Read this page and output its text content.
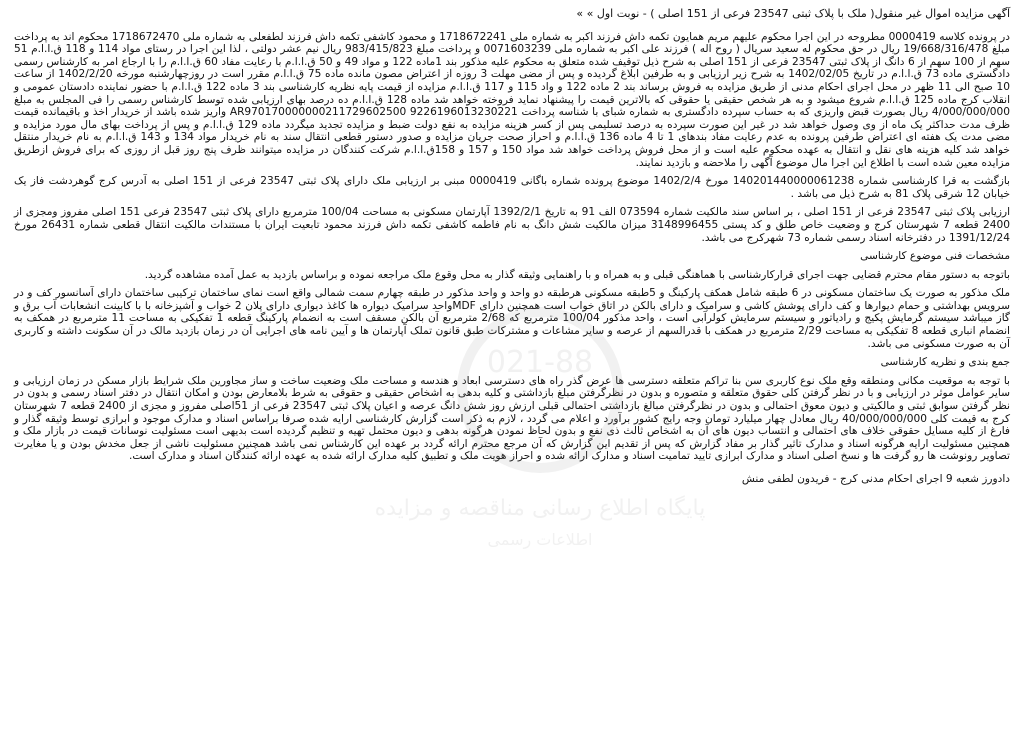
آگهی مزایده اموال غیر منقول( ملک با پلاک ثبتی 23547 فرعی از 151 اصلی ) - نوبت اول » »
در پرونده کلاسه 0000419 مطروحه در این اجرا محکوم علیهم مریم همایون تکمه داش فرزند اکبر به شماره ملی 1718672241 و محمود کاشفی تکمه داش فرزند لطفعلی به شماره ملی 1718672470 محکوم اند به پرداخت مبلغ 19/668/316/478 ریال در حق محکوم له سعید سریال ( روح اله ) فرزند علی اکبر به شماره ملی 0071603239 و پرداخت مبلغ 983/415/823 ریال نیم عشر دولتی ، لذا این اجرا در رستای مواد 114 و 118 ق.ا.ا.م 51 سهم از 100 سهم از 6 دانگ از پلاک ثبتی 23547 فرعی از 151 اصلی به شرح ذیل توقیف شده متعلق به محکوم علیه مذکور بند 1ماده 122 و مواد 49 و 50 ق.ا.ا.م با رعایت مفاد 60 ق.ا.ا.م را با ارجاع امر به کارشناس رسمی دادگستری ماده 73 ق.ا.ا.م در تاریخ 1402/02/05 به شرح زیر ارزیابی و به طرفین ابلاغ گردیده و پس از مضی مهلت 3 روزه از اعتراض مصون مانده ماده 75 ق.ا.ا.م مقرر است در روزچهارشنبه مورخه 1402/2/20 از ساعت 10 صبح الی 11 ظهر در محل اجرای احکام مدنی از طریق مزایده به فروش برساند بند 2 ماده 122 و واد 115 و 117 ق.ا.ا.م مزایده از قیمت پایه نظریه کارشناسی بند 3 ماده 122 ق.ا.ا.م با حضور نماینده دادستان عمومی و انقلاب کرج ماده 125 ق.ا.ا.م شروع میشود و به هر شخص حقیقی یا حقوقی که بالاترین قیمت را پیشنهاد نماید فروخته خواهد شد ماده 128 ق.ا.ا.م ده درصد بهای ارزیابی شده توسط کارشناس رسمی را فی المجلس به مبلغ 4/000/000/000 ریال بصورت قبض واریزی که به حساب سپرده دادگستری به شماره شبای با شناسه پرداخت 9226196013230221 AR970170000000211729602500 واریز شده باشد از خریدار اخذ و باقیمانده قیمت ظرف مدت حداکثر یک ماه از وی وصول خواهد شد در غیر این صورت سپرده به درصد تسلیمی پس از کسر هزینه مزایده به نفع دولت ضبط و مزایده تجدید میگردد ماده 129 ق.ا.ا.م و پس از پرداخت بهای مال مورد مزایده و مضی مدت یک هفته ای اعتراض طرفین پرونده به عدم رعایت مفاد بندهای 1 تا 4 ماده 136 ق.ا.ا.م و احراز صحت جریان مزایده و صدور دستور قطعی انتقال سند به نام خریدار مواد 134 و 143 ق.ا.ا.م به نام خریدار منتقل خواهد شد کلیه هزینه های نقل و انتقال به عهده محکوم علیه است و از محل فروش پرداخت خواهد شد مواد 150 و 157 و 158ق.ا.ا.م شرکت کنندگان در مزایده میتوانند ظرف پنج روز قبل از روزی که برای فروش ازطریق مزایده معین شده است با اطلاع این اجرا مال موضوع آگهی را ملاحضه و بازدید نمایند.
بازگشت به قرا کارشناسی شماره 140201440000061238 مورخ 1402/2/4 موضوع پرونده شماره باگانی 0000419 مبنی بر ارزیابی ملک دارای پلاک ثبتی 23547 فرعی از 151 اصلی به آدرس کرج گوهردشت فاز یک خیابان 12 شرقی پلاک 81 به شرح ذیل می باشد .
ارزیابی پلاک ثبتی 23547 فرعی از 151 اصلی ، بر اساس سند مالکیت شماره 073594 الف 91 به تاریخ 1392/2/1 آپارتمان مسکونی به مساحت 100/04 مترمربع دارای پلاک ثبتی 23547 فرعی 151 اصلی مفروز ومجزی از 2400 قطعه 7 شهرستان کرج و وضعیت خاص طلق و کد پستی 3148996455 میزان مالکیت شش دانگ به نام فاطمه کاشفی تکمه داش فرزند محمود تابعیت ایران با مستندات مالکیت انتقال قطعی شماره 26431 مورخ 1391/12/24 در دفترخانه اسناد رسمی شماره 73 شهرکرج می باشد.
مشخصات فنی موضوع کارشناسی
باتوجه به دستور مقام محترم قضایی جهت اجرای قرارکارشناسی با هماهنگی قبلی و به همراه و با راهنمایی وثیقه گذار به محل وقوع ملک مراجعه نموده و براساس بازدید به عمل آمده مشاهده گردید.
ملک مذکور به صورت یک ساختمان مسکونی در 6 طبقه شامل همکف پارکینگ و 5طبقه مسکونی هرطبقه دو واحد و واحد مذکور در طبقه چهارم سمت شمالی واقع است نمای ساختمان ترکیبی ساختمان دارای آسانسور کف و در سرویس بهداشتی و حمام دیوارها و کف دارای پوشش کاشی و سرامیک و دارای بالکن در اتاق خواب است همچنین دارای MDFواحد سرامیک دیواره ها کاغذ دیواری دارای پلان 2 خواب و آشپزخانه با با کابینت انشعابات آب برق و گاز میباشد سیستم گرمایش پکیج و رادیاتور و سیستم سرمایش کولرآبی است ، واحد مذکور 100/04 مترمربع که 2/68 مترمربع آن بالکن مسقف است به انضمام پارکینگ قطعه 1 تفکیکی به مساحت 11 مترمربع در همکف به انضمام انباری قطعه 8 تفکیکی به مساحت 2/29 مترمربع در همکف با قدرالسهم از عرصه و سایر مشاعات و مشترکات طبق قانون تملک آپارتمان ها و آیین نامه های اجرایی آن در زمان بازدید مالک در آن سکونت داشته و کاربری آن به صورت مسکونی می باشد.
جمع بندی و نظریه کارشناسی
با توجه به موقعیت مکانی ومنطقه وقع ملک نوع کاربری سن بنا تراکم متعلقه دسترسی ها عرض گذر راه های دسترسی ابعاد و هندسه و مساحت ملک وضعیت ساخت و ساز مجاورین ملک شرایط بازار مسکن در زمان ارزیابی و سایر عوامل موثر در ارزیابی و با در نظر گرفتن کلی حقوق متعلقه و متصوره و بدون در نظرگرفتن مبلغ بازداشتی و کلیه بدهی به اشخاص حقیقی و حقوقی به شرط بلامعارض بودن و امکان انتقال در دفتر اسناد رسمی و بدون در نظر گرفتن سوابق ثبتی و مالکیتی و دیون معوق احتمالی و بدون در نظرگرفتن مبالغ بازداشتی احتمالی قبلی ارزش روز شش دانگ عرصه و اعیان پلاک ثبتی 23547 فرعی از 51اصلی مفروز و مجزی از 2400 قطعه 7 شهرستان کرج به قیمت کلی 40/000/000/000 ریال معادل چهار میلیارد تومان وجه رایج کشور برآورد و اعلام می گردد ، لازم به ذکر است گزارش کارشناسی ارایه شده صرفا براساس اسناد و مدارک موجود و ابرازی توسط وثیقه گذار و فارغ از کلیه مسایل حقوقی خلاف های احتمالی و انتساب دیون های آن به اشخاص ثالث ذی نفع و بدون لحاظ نمودن هرگونه بدهی و دیون محتمل تهیه و تنظیم گردیده است بدیهی است مسئولیت نوسانات قیمت در بازار ملک و همچنین مسئولیت ارایه هرگونه اسناد و مدارک تاثیر گذار بر مفاد گزارش که پس از تقدیم این گزارش که آن مرجع محترم ارائه گردد بر عهده این کارشناس نمی باشد همچنین مسئولیت ناشی از جعل مخدش بودن و یا مغایرت تصاویر رونوشت ها رو گرفت ها و نسخ اصلی اسناد و مدارک ابرازی تایید تمامیت اسناد و مدارک ارائه شده و احراز هویت ملک و تطبیق کلیه مدارک ارائه شده به عهده ارائه کنندگان اسناد و مدارک است.
دادورز شعبه 9 اجرای احکام مدنی کرج - فریدون لطفی منش
021-88
پایگاه اطلاع رسانی مناقصه و مزایده
اطلاعات رسمی
